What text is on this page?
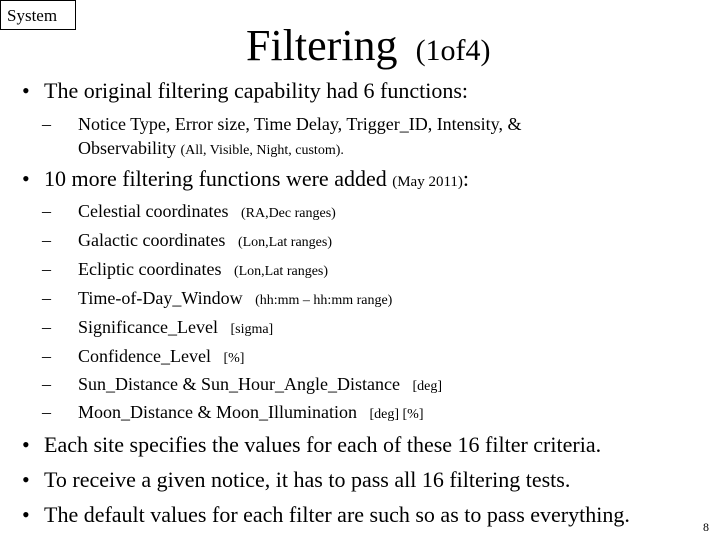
System
Filtering (1of4)
• The original filtering capability had 6 functions:
– Notice Type, Error size, Time Delay, Trigger_ID, Intensity, &
Observability (All, Visible, Night, custom).
• 10 more filtering functions were added (May 2011):
– Celestial coordinates (RA,Dec ranges)
– Galactic coordinates (Lon,Lat ranges)
– Ecliptic coordinates (Lon,Lat ranges)
– Time-of-Day_Window (hh:mm – hh:mm range)
– Significance_Level [sigma]
– Confidence_Level [%]
– Sun_Distance & Sun_Hour_Angle_Distance [deg]
– Moon_Distance & Moon_Illumination [deg] [%]
• Each site specifies the values for each of these 16 filter criteria.
• To receive a given notice, it has to pass all 16 filtering tests.
• The default values for each filter are such so as to pass everything.	8
